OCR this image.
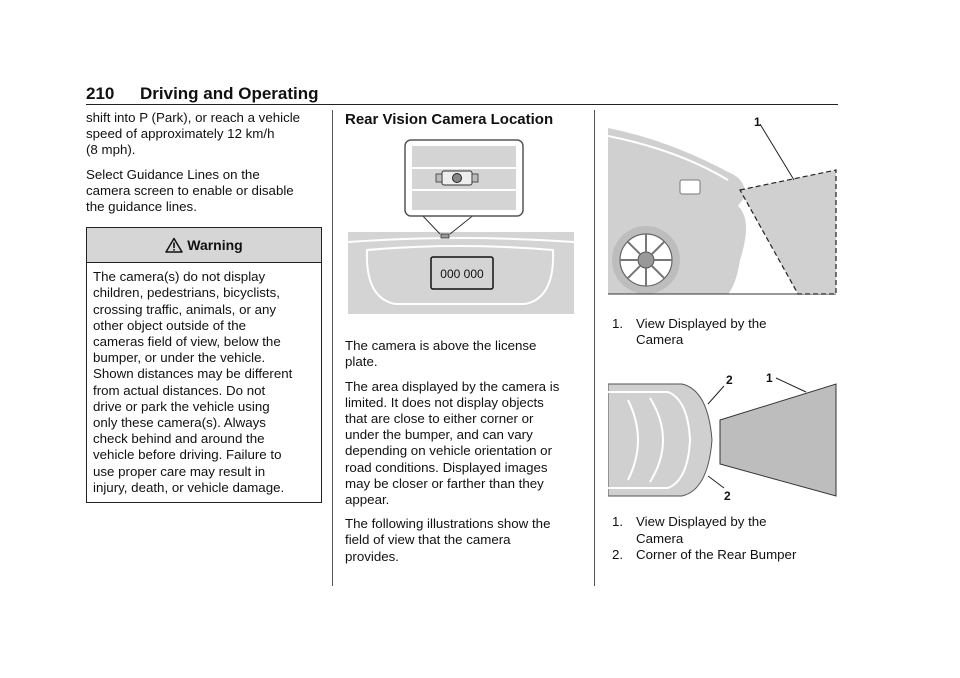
210 Driving and Operating

shift into P (Park), or reach a vehicle
speed of approximately 12 km/h
(8 mph).

Select Guidance Lines on the
camera screen to enable or disable
the guidance lines.

Warning
The camera(s) do not display
children, pedestrians, bicyclists,
crossing traffic, animals, or any
other object outside of the
cameras field of view, below the
bumper, or under the vehicle.
Shown distances may be different
from actual distances. Do not
drive or park the vehicle using
only these camera(s). Always
check behind and around the
vehicle before driving. Failure to
use proper care may result in
injury, death, or vehicle damage.
Rear Vision Camera Location
000 000

The camera is above the license
plate.

The area displayed by the camera is
limited. It does not display objects
that are close to either corner or
under the bumper, and can vary
depending on vehicle orientation or
road conditions. Displayed images
may be closer or farther than they
appear.

The following illustrations show the
field of view that the camera
provides.

1
1. View Displayed by the
Camera
2	1
2
1. View Displayed by the
Camera
2. Corner of the Rear Bumper
